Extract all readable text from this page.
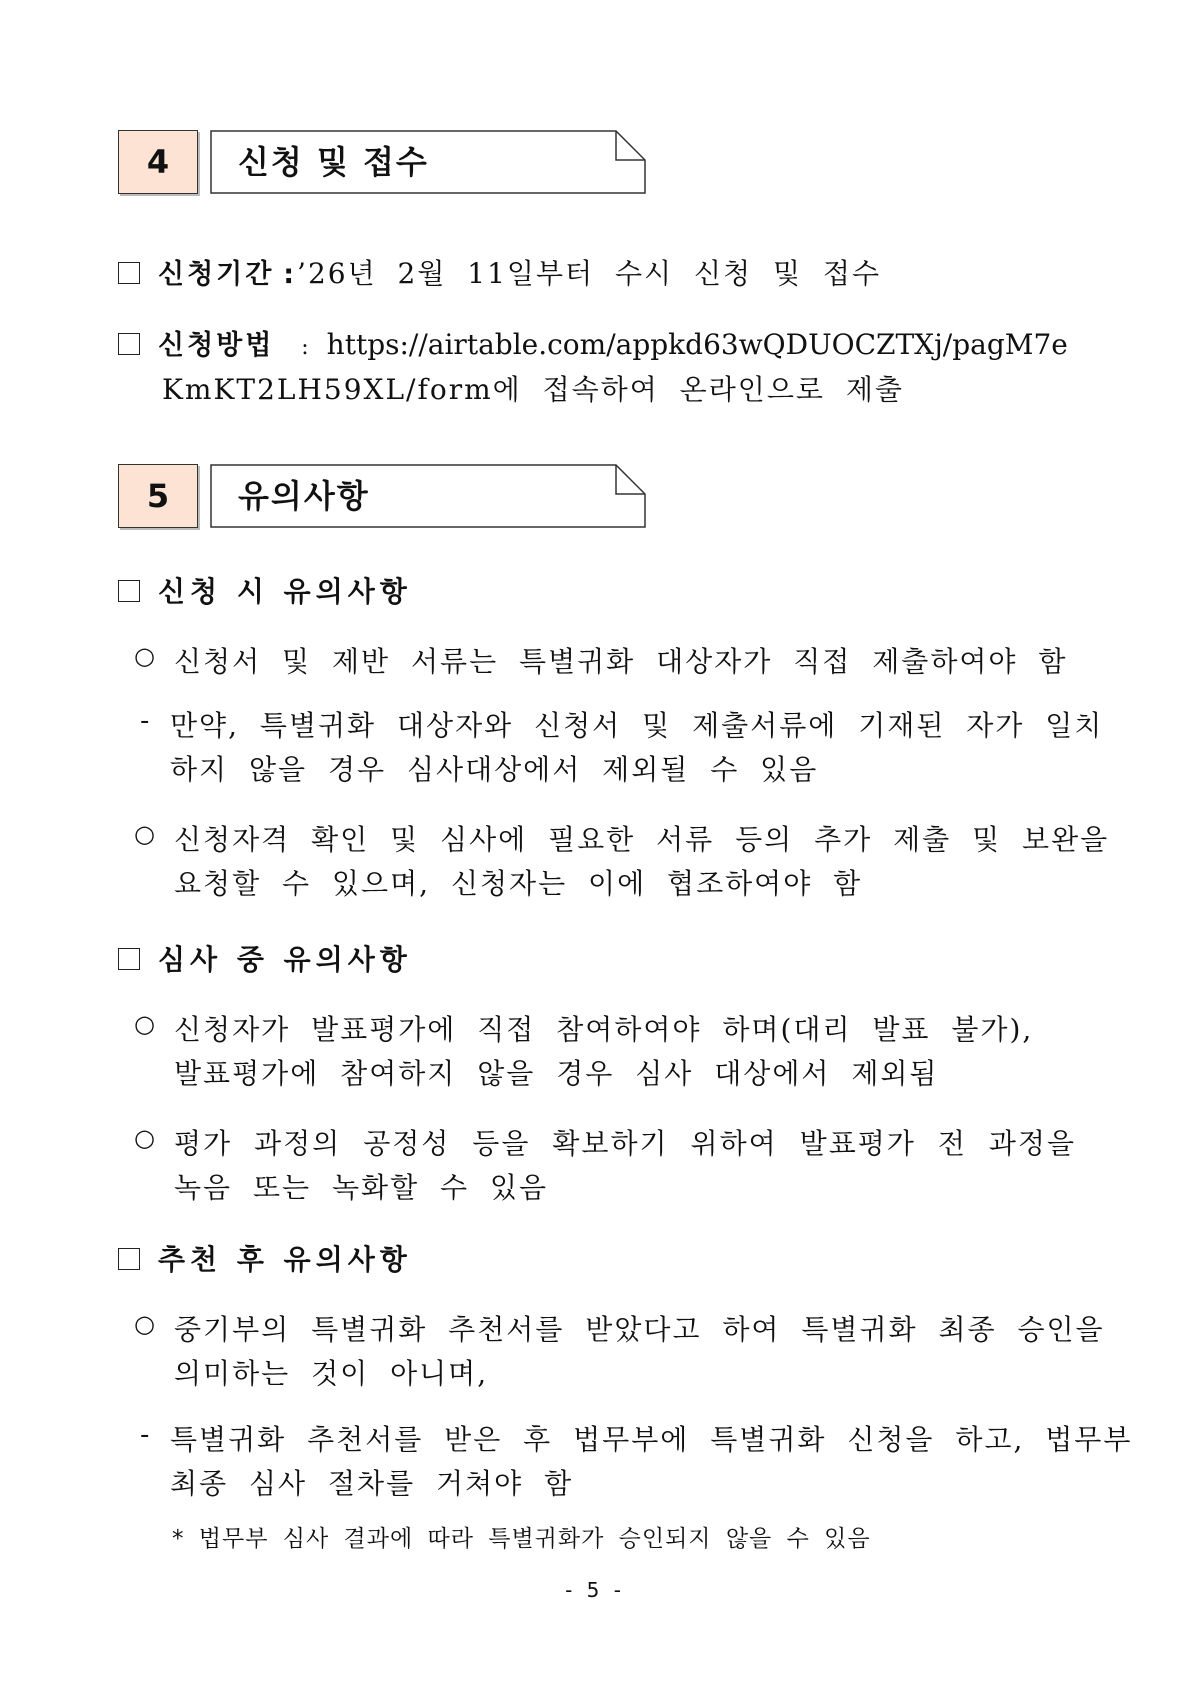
4	신청 및 접수
신청기간 :’26년 2월 11일부터 수시 신청 및 접수
신청방법 : https://airtable.com/appkd63wQDUOCZTXj/pagM7e
KmKT2LH59XL/form에 접속하여 온라인으로 제출
5	유의사항
신청 시 유의사항
○ 신청서 및 제반 서류는 특별귀화 대상자가 직접 제출하여야 함
- 만약, 특별귀화 대상자와 신청서 및 제출서류에 기재된 자가 일치
하지 않을 경우 심사대상에서 제외될 수 있음
○ 신청자격 확인 및 심사에 필요한 서류 등의 추가 제출 및 보완을
요청할 수 있으며, 신청자는 이에 협조하여야 함
심사 중 유의사항
○ 신청자가 발표평가에 직접 참여하여야 하며(대리 발표 불가),
발표평가에 참여하지 않을 경우 심사 대상에서 제외됨
○ 평가 과정의 공정성 등을 확보하기 위하여 발표평가 전 과정을
녹음 또는 녹화할 수 있음
추천 후 유의사항
○ 중기부의 특별귀화 추천서를 받았다고 하여 특별귀화 최종 승인을
의미하는 것이 아니며,
- 특별귀화 추천서를 받은 후 법무부에 특별귀화 신청을 하고, 법무부
최종 심사 절차를 거쳐야 함
* 법무부 심사 결과에 따라 특별귀화가 승인되지 않을 수 있음
- 5 -
